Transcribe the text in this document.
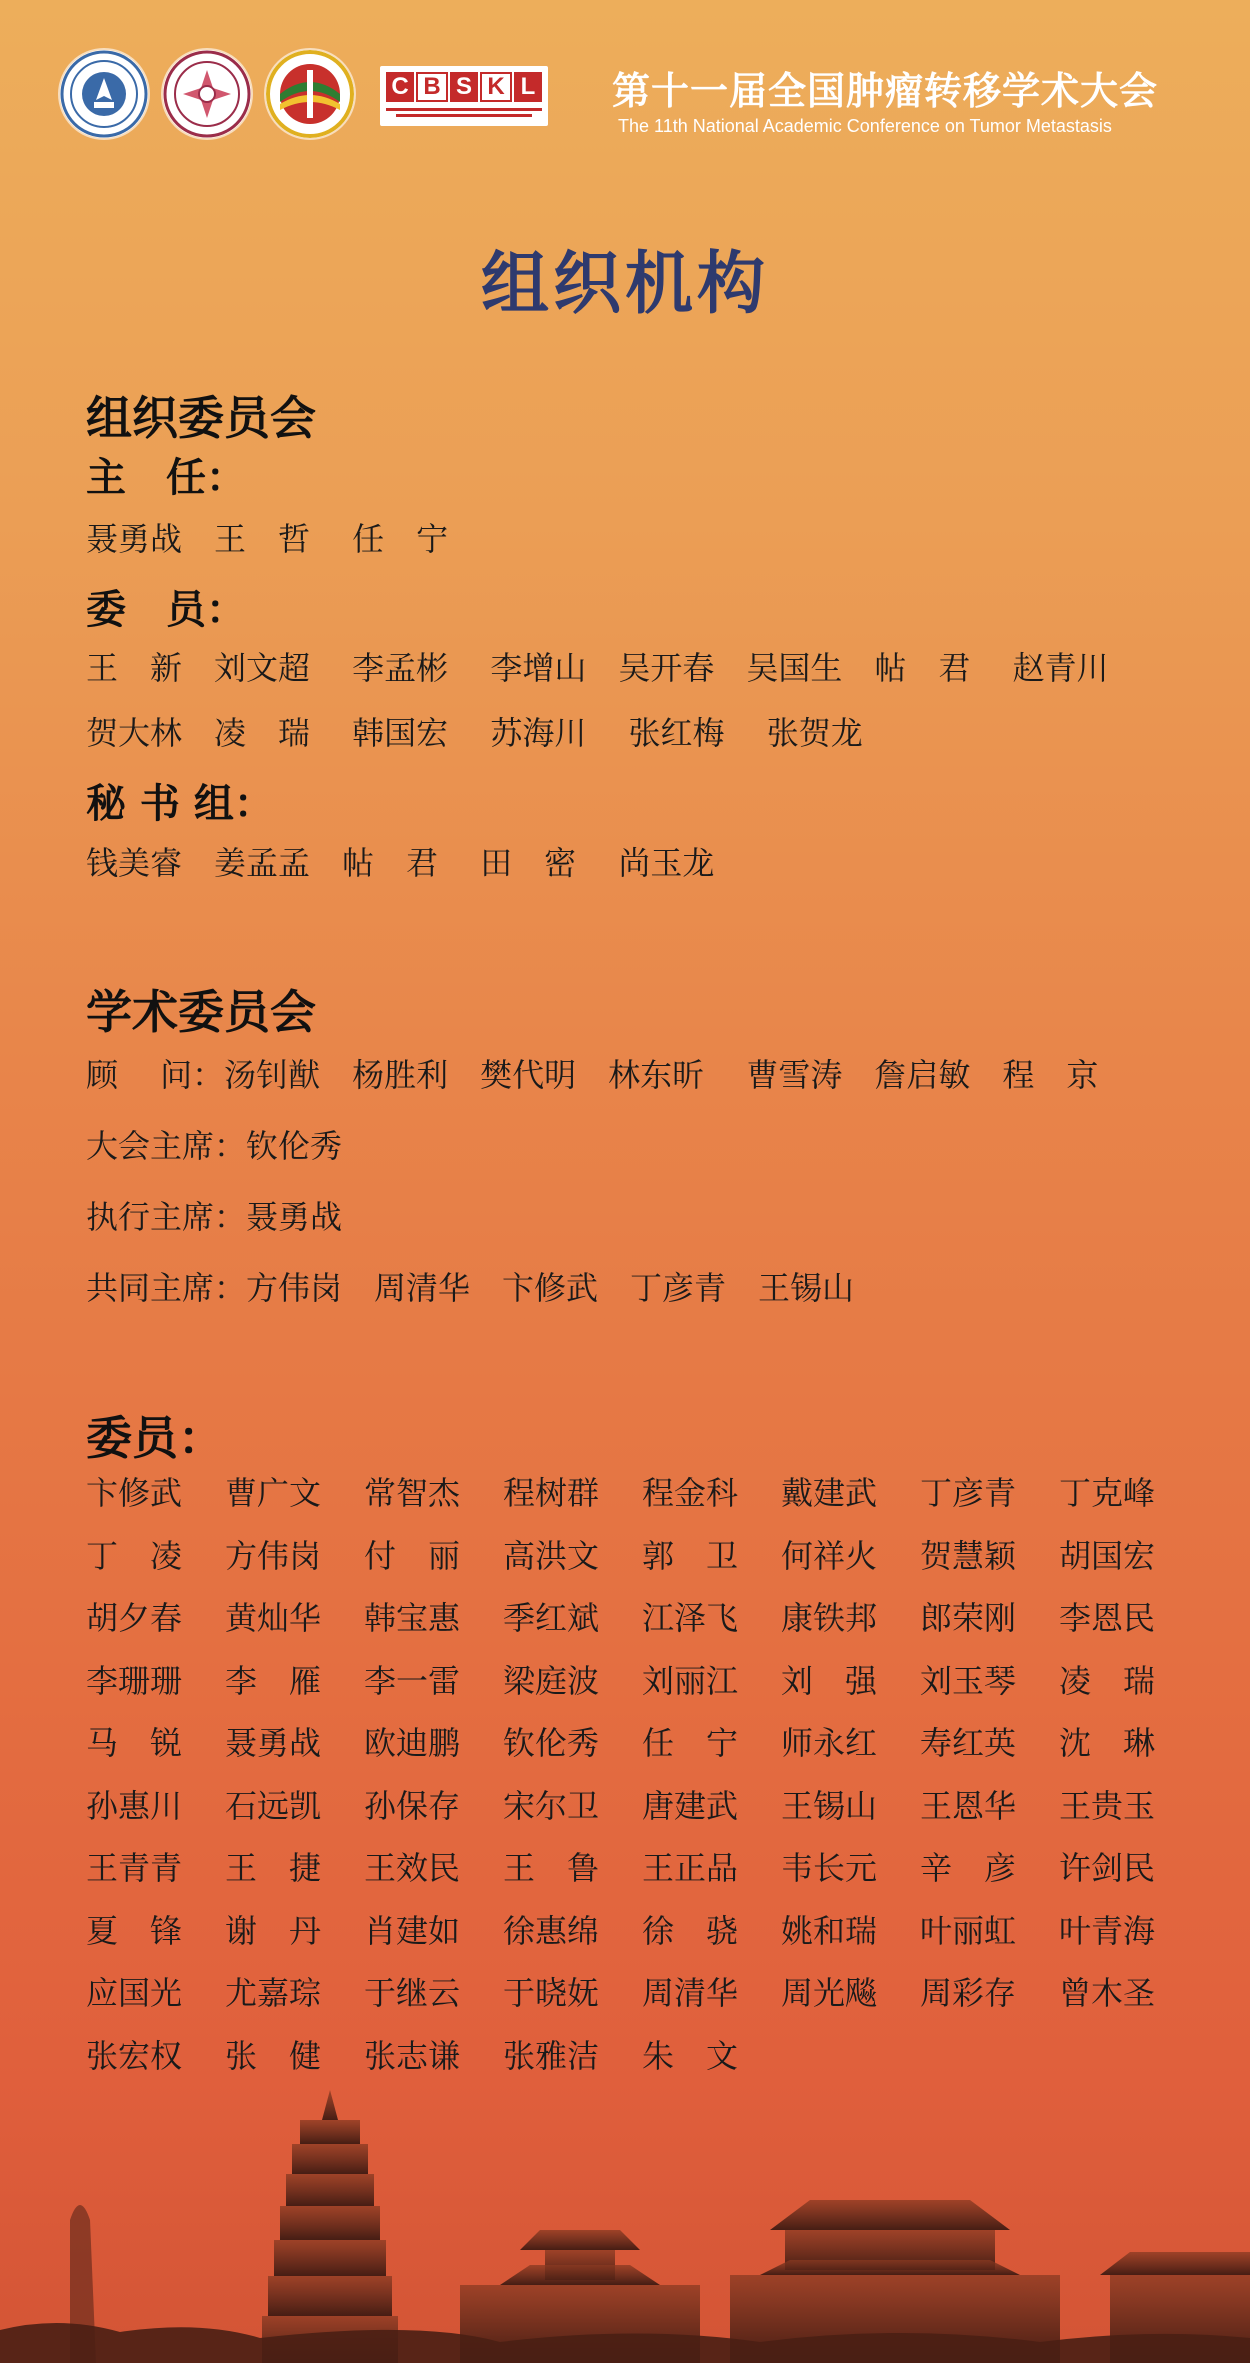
C B S K L 第十一届全国肿瘤转移学术大会
The 11th National Academic Conference on Tumor Metastasis
组织机构
组织委员会
主　任：
聂勇战　王　哲　 任　宁
委　员：
王　新　刘文超　 李孟彬　 李增山　吴开春　吴国生　帖　君　 赵青川
贺大林　凌　瑞　 韩国宏　 苏海川　 张红梅　 张贺龙
秘 书 组：
钱美睿　姜孟孟　帖　君　 田　密　 尚玉龙
学术委员会
顾　 问：汤钊猷　杨胜利　樊代明　林东昕　 曹雪涛　詹启敏　程　京
大会主席：钦伦秀
执行主席：聂勇战
共同主席：方伟岗　周清华　卞修武　丁彦青　王锡山
委员：
卞修武	曹广文	常智杰	程树群	程金科	戴建武	丁彦青	丁克峰
丁　凌	方伟岗	付　丽	高洪文	郭　卫	何祥火	贺慧颖	胡国宏
胡夕春	黄灿华	韩宝惠	季红斌	江泽飞	康铁邦	郎荣刚	李恩民
李珊珊	李　雁	李一雷	梁庭波	刘丽江	刘　强	刘玉琴	凌　瑞
马　锐	聂勇战	欧迪鹏	钦伦秀	任　宁	师永红	寿红英	沈　琳
孙惠川	石远凯	孙保存	宋尔卫	唐建武	王锡山	王恩华	王贵玉
王青青	王　捷	王效民	王　鲁	王正品	韦长元	辛　彦	许剑民
夏　锋	谢　丹	肖建如	徐惠绵	徐　骁	姚和瑞	叶丽虹	叶青海
应国光	尤嘉琮	于继云	于晓妩	周清华	周光飚	周彩存	曾木圣
张宏权	张　健	张志谦	张雅洁	朱　文
